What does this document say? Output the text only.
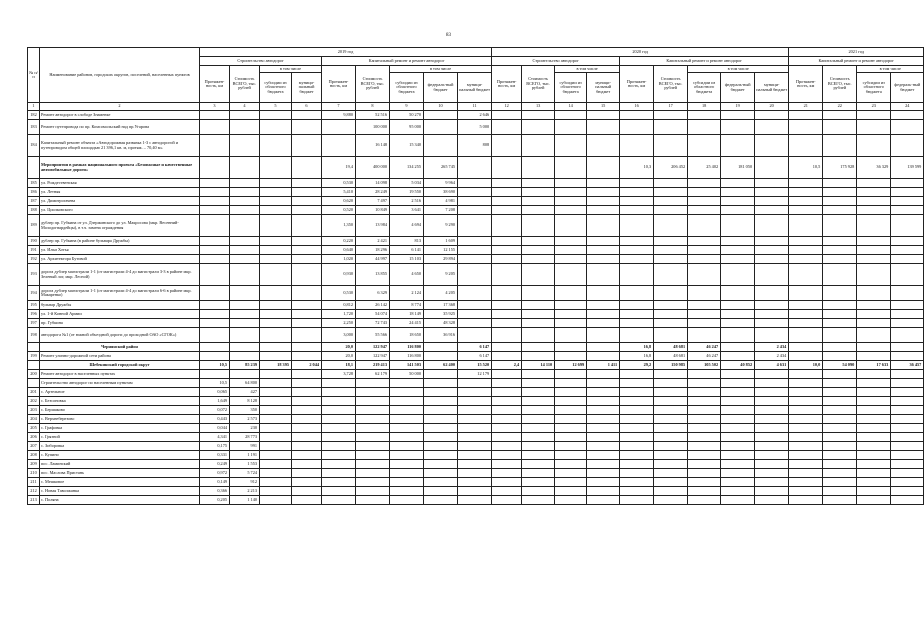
83
№ п/п	Наименование районов, городских округов, поселений, населенных пунктов	2019 год									2020 год									2021 год			
		Строительство автодорог				Капитальный ремонт и ремонт автодорог					Строительство автодорог				Капитальный ремонт и ремонт автодорог					Капитальный ремонт и ремонт автодорог			
		Протяжен-ность, км	Стоимость ВСЕГО, тыс. рублей	в том числе		Протяжен-ность, км	Стоимость ВСЕГО, тыс. рублей	в том числе			Протяжен-ность, км	Стоимость ВСЕГО, тыс. рублей	в том числе		Протяжен-ность, км	Стоимость ВСЕГО, тыс. рублей	в том числе			Протяжен-ность, км	Стоимость ВСЕГО, тыс. рублей	в том числе	
				субсидии из областного бюджета	муници-пальный бюджет			субсидии из областного бюджета	федераль-ный бюджет	муници-пальный бюджет			субсидии из областного бюджета	муници-пальный бюджет			субсидии из областного бюджета	федераль-ный бюджет	муници-пальный бюджет			субсидии из областного бюджета	федераль-ный бюджет
1	2	3	4	5	6	7	8	9	10	11	12	13	14	15	16	17	18	19	20	21	22	23	24
182	Ремонт автодорог в слободе Знаменке					9,880	52 516	50 270		2 646													
183	Ремонт путепровода по пр. Комсомольский над пр.Угарова						100 000	95 000		5 000													
184	Капитальный ремонт объекта «Автодорожная развязка 1-3 с автодорогой и путепроводом общей площадью 21 396,1 кв. м, протяж. – 70,40 м»						16 148	15 340		808													
	Мероприятия в рамках национального проекта «Безопасные и качественные автомобильные дороги»					19,4	400 000	134 255	265 745						10,3	206 452	25 402	181 050		10,5	175 928	36 329	139 599
185	ул. Рождественская					0,530	14 098	5 034	9 964														
186	ул. Летняя					5,410	28 249	19 550	38 690														
187	ул. Димитрогачева					0,620	7 497	2 516	4 981														
188	ул. Циолковского					0,520	10 849	3 641	7 208														
189	дублер пр. Губкина от ул. Дзержинского до ул. Макросова (мкр. Весенний-Молодогвардейцы), в т.ч. замена ограждения					1,350	13 984	4 694	9 290														
190	дублер пр. Губкина (в районе бульвара Дружбы)					0,220	2 421	813	1 609														
191	ул. Ильи Хотья					0,640	18 296	6 141	12 155														
192	ул. Архитектора Бутовой					1,020	44 997	15 103	29 894														
193	дорога дублер магистрали 1-1 (от магистрали 4-4 до магистрали 3-3 в районе мкр. Зеленый лог, мкр. Лесной)					0,930	13 855	4 650	9 205														
194	дорога дублер магистрали 1-1 (от магистрали 4-4 до магистрали 6-6 в районе мкр. Макаренко)					0,530	6 329	2 124	4 205														
195	бульвар Дружбы					0,812	26 142	8 774	17 368														
196	ул. 1-й Конной Армии					1,720	54 074	18 149	35 925														
197	пр. Губкина					2,250	72 743	24 415	48 328														
198	автодорога №1 (от южной объездной дороги до проходной ОАО «СГОК»)					3,000	55 566	18 650	36 916														
	Чернянский район					20,0	122 947	116 800		6 147					16,8	48 681	46 247		2 434				
199	Ремонт улично-дорожной сети района					20,0	122 947	116 800		6 147					16,8	48 681	46 247		2 434				
	Шебекинский городской округ	10,5	85 239	18 395	2 044	18,1	219 413	141 503	62 400	15 520	2,4	14 110	12 699	1 411	29,2	150 985	105 502	40 852	4 631	10,0	54 090	17 633	36 457
200	Ремонт автодорог в населенных пунктах					3,728	62 179	50 000		12 179													
	Строительство автодорог по населенным пунктам	10,5	64 800																				
201	с. Артельное	0,065	427																				
202	с. Безсоновка	1,649	8 128																				
203	с. Бершаково	0,072	350																				
204	с. Верхнеберезово	0,443	2 573																				
205	с. Графовка	0,044	230																				
206	с. Грязной	4,341	28 773																				
207	с. Зиборовка	0,175	991																				
208	с. Купино	0,331	1 191																				
209	пос. Ламинский	0,249	1 553																				
210	пос. Маслова Пристань	0,972	5 724																				
211	с. Мешковое	0,149	912																				
212	с. Новая Таволжанка	0,366	2 213																				
213	с. Поляна	0,205	1 140																				
